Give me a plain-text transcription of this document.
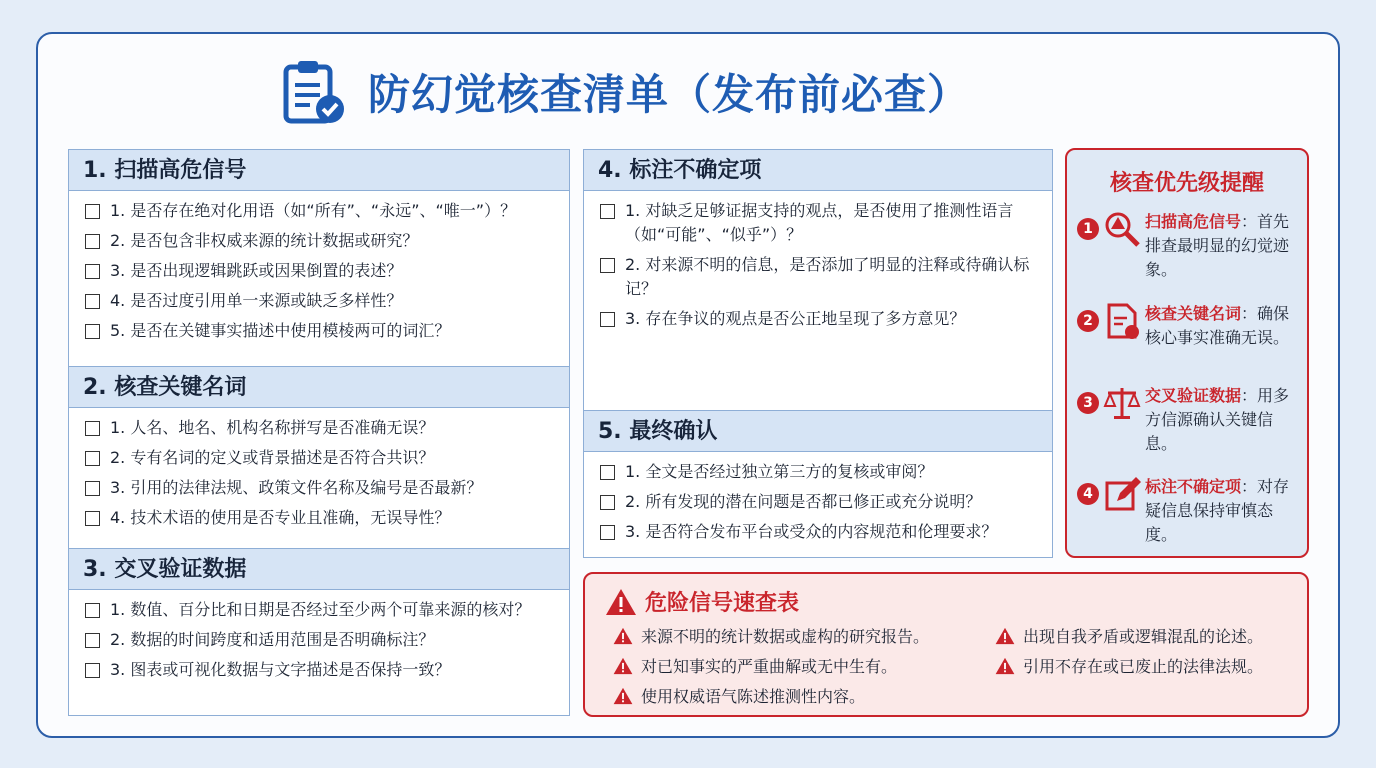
防幻觉核查清单（发布前必查）
1. 扫描高危信号
1. 是否存在绝对化用语（如“所有”、“永远”、“唯一”）？
2. 是否包含非权威来源的统计数据或研究？
3. 是否出现逻辑跳跃或因果倒置的表述？
4. 是否过度引用单一来源或缺乏多样性？
5. 是否在关键事实描述中使用模棱两可的词汇？
2. 核查关键名词
1. 人名、地名、机构名称拼写是否准确无误？
2. 专有名词的定义或背景描述是否符合共识？
3. 引用的法律法规、政策文件名称及编号是否最新？
4. 技术术语的使用是否专业且准确，无误导性？
3. 交叉验证数据
1. 数值、百分比和日期是否经过至少两个可靠来源的核对？
2. 数据的时间跨度和适用范围是否明确标注？
3. 图表或可视化数据与文字描述是否保持一致？
4. 标注不确定项
1. 对缺乏足够证据支持的观点，是否使用了推测性语言（如“可能”、“似乎”）？
2. 对来源不明的信息，是否添加了明显的注释或待确认标记？
3. 存在争议的观点是否公正地呈现了多方意见？
5. 最终确认
1. 全文是否经过独立第三方的复核或审阅？
2. 所有发现的潜在问题是否都已修正或充分说明？
3. 是否符合发布平台或受众的内容规范和伦理要求？
核查优先级提醒
1	扫描高危信号：首先排查最明显的幻觉迹象。
2	核查关键名词：确保核心事实准确无误。
3	交叉验证数据：用多方信源确认关键信息。
4	标注不确定项：对存疑信息保持审慎态度。
危险信号速查表
来源不明的统计数据或虚构的研究报告。	出现自我矛盾或逻辑混乱的论述。
对已知事实的严重曲解或无中生有。	引用不存在或已废止的法律法规。
使用权威语气陈述推测性内容。
